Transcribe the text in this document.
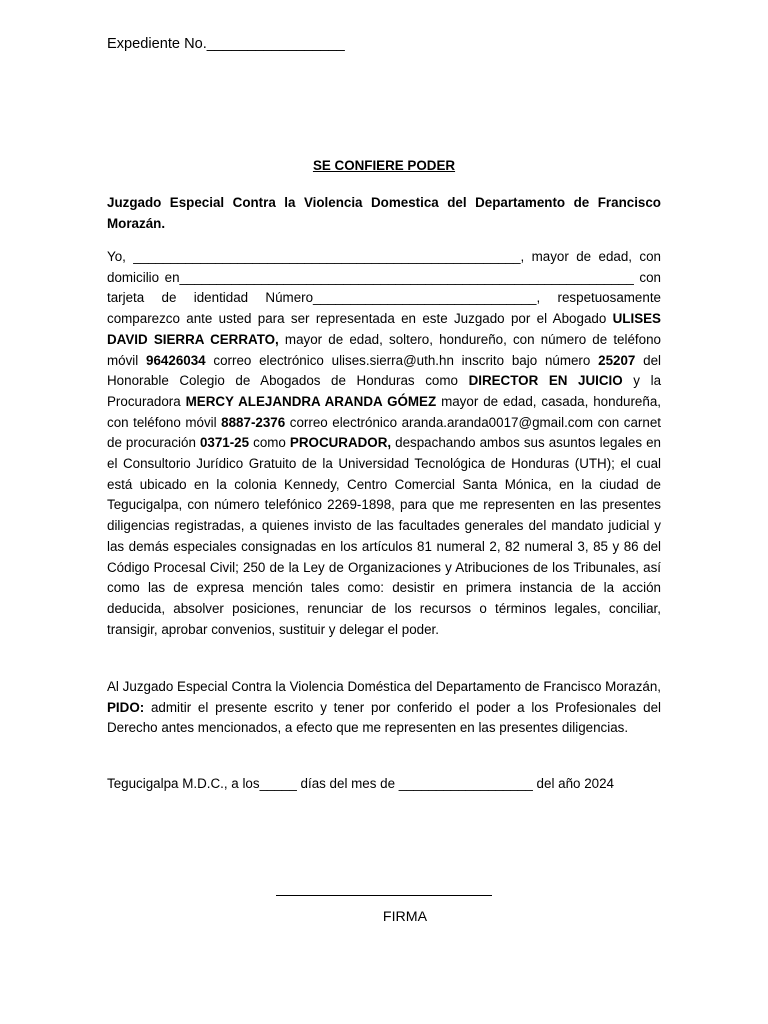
Expediente No._________________
SE CONFIERE PODER
Juzgado Especial Contra la Violencia Domestica del Departamento de Francisco Morazán.

Yo, ____________________________________________________, mayor de edad, con domicilio en_____________________________________________________________ con tarjeta de identidad Número______________________________, respetuosamente comparezco ante usted para ser representada en este Juzgado por el Abogado ULISES DAVID SIERRA CERRATO, mayor de edad, soltero, hondureño, con número de teléfono móvil 96426034 correo electrónico ulises.sierra@uth.hn inscrito bajo número 25207 del Honorable Colegio de Abogados de Honduras como DIRECTOR EN JUICIO y la Procuradora MERCY ALEJANDRA ARANDA GÓMEZ mayor de edad, casada, hondureña, con teléfono móvil 8887-2376 correo electrónico aranda.aranda0017@gmail.com con carnet de procuración 0371-25 como PROCURADOR, despachando ambos sus asuntos legales en el Consultorio Jurídico Gratuito de la Universidad Tecnológica de Honduras (UTH); el cual está ubicado en la colonia Kennedy, Centro Comercial Santa Mónica, en la ciudad de Tegucigalpa, con número telefónico 2269-1898, para que me representen en las presentes diligencias registradas, a quienes invisto de las facultades generales del mandato judicial y las demás especiales consignadas en los artículos 81 numeral 2, 82 numeral 3, 85 y 86 del Código Procesal Civil; 250 de la Ley de Organizaciones y Atribuciones de los Tribunales, así como las de expresa mención tales como: desistir en primera instancia de la acción deducida, absolver posiciones, renunciar de los recursos o términos legales, conciliar, transigir, aprobar convenios, sustituir y delegar el poder.

Al Juzgado Especial Contra la Violencia Doméstica del Departamento de Francisco Morazán, PIDO: admitir el presente escrito y tener por conferido el poder a los Profesionales del Derecho antes mencionados, a efecto que me representen en las presentes diligencias.

Tegucigalpa M.D.C., a los_____ días del mes de __________________ del año 2024
FIRMA
